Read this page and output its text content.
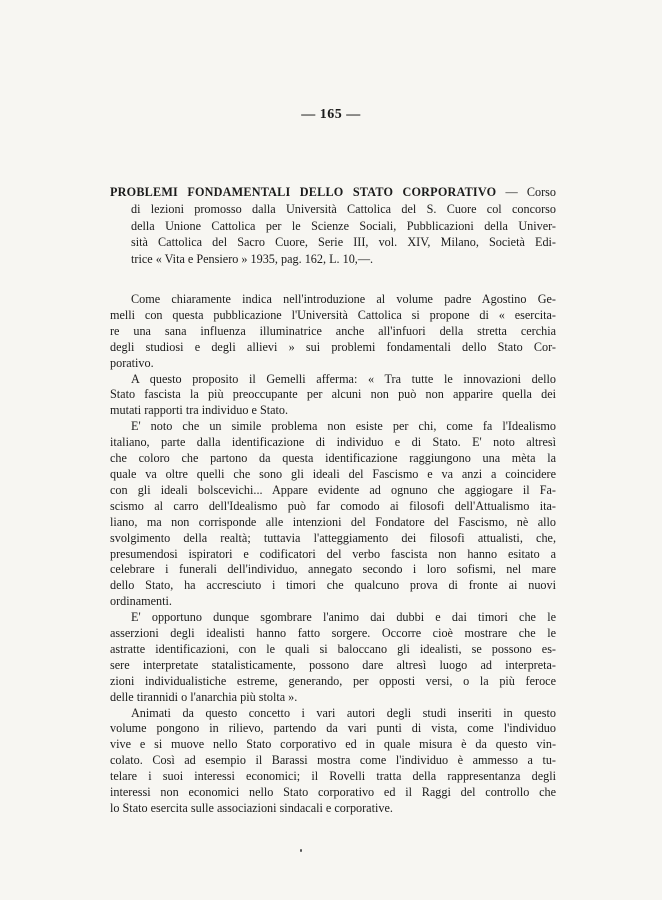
— 165 —
PROBLEMI FONDAMENTALI DELLO STATO CORPORATIVO — Corso
di lezioni promosso dalla Università Cattolica del S. Cuore col concorso
della Unione Cattolica per le Scienze Sociali, Pubblicazioni della Univer-
sità Cattolica del Sacro Cuore, Serie III, vol. XIV, Milano, Società Edi-
trice « Vita e Pensiero » 1935, pag. 162, L. 10,—.
Come chiaramente indica nell'introduzione al volume padre Agostino Ge-
melli con questa pubblicazione l'Università Cattolica si propone di « esercita-
re una sana influenza illuminatrice anche all'infuori della stretta cerchia
degli studiosi e degli allievi » sui problemi fondamentali dello Stato Cor-
porativo.
A questo proposito il Gemelli afferma: « Tra tutte le innovazioni dello
Stato fascista la più preoccupante per alcuni non può non apparire quella dei
mutati rapporti tra individuo e Stato.
E' noto che un simile problema non esiste per chi, come fa l'Idealismo
italiano, parte dalla identificazione di individuo e di Stato. E' noto altresì
che coloro che partono da questa identificazione raggiungono una mèta la
quale va oltre quelli che sono gli ideali del Fascismo e va anzi a coincidere
con gli ideali bolscevichi... Appare evidente ad ognuno che aggiogare il Fa-
scismo al carro dell'Idealismo può far comodo ai filosofi dell'Attualismo ita-
liano, ma non corrisponde alle intenzioni del Fondatore del Fascismo, nè allo
svolgimento della realtà; tuttavia l'atteggiamento dei filosofi attualisti, che,
presumendosi ispiratori e codificatori del verbo fascista non hanno esitato a
celebrare i funerali dell'individuo, annegato secondo i loro sofismi, nel mare
dello Stato, ha accresciuto i timori che qualcuno prova di fronte ai nuovi
ordinamenti.
E' opportuno dunque sgombrare l'animo dai dubbi e dai timori che le
asserzioni degli idealisti hanno fatto sorgere. Occorre cioè mostrare che le
astratte identificazioni, con le quali si baloccano gli idealisti, se possono es-
sere interpretate statalisticamente, possono dare altresì luogo ad interpreta-
zioni individualistiche estreme, generando, per opposti versi, o la più feroce
delle tirannidi o l'anarchia più stolta ».
Animati da questo concetto i vari autori degli studi inseriti in questo
volume pongono in rilievo, partendo da vari punti di vista, come l'individuo
vive e si muove nello Stato corporativo ed in quale misura è da questo vin-
colato. Così ad esempio il Barassi mostra come l'individuo è ammesso a tu-
telare i suoi interessi economici; il Rovelli tratta della rappresentanza degli
interessi non economici nello Stato corporativo ed il Raggi del controllo che
lo Stato esercita sulle associazioni sindacali e corporative.
